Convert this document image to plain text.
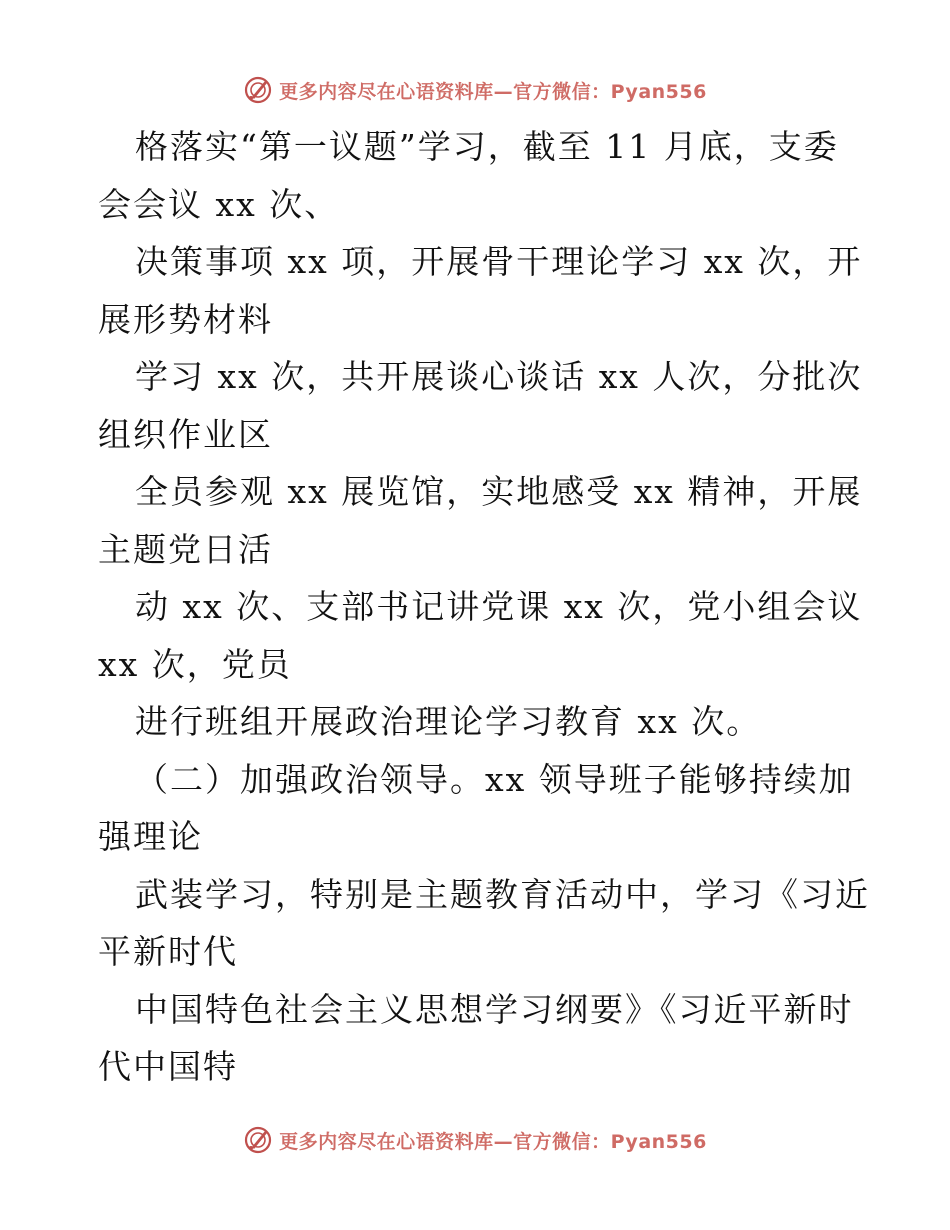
更多内容尽在心语资料库—官方微信：Pyan556
格落实“第一议题”学习，截至 11 月底，支委
会会议 xx 次、
决策事项 xx 项，开展骨干理论学习 xx 次，开
展形势材料
学习 xx 次，共开展谈心谈话 xx 人次，分批次
组织作业区
全员参观 xx 展览馆，实地感受 xx 精神，开展
主题党日活
动 xx 次、支部书记讲党课 xx 次，党小组会议
xx 次，党员
进行班组开展政治理论学习教育 xx 次。
（二）加强政治领导。xx 领导班子能够持续加
强理论
武装学习，特别是主题教育活动中，学习《习近
平新时代
中国特色社会主义思想学习纲要》《习近平新时
代中国特
更多内容尽在心语资料库—官方微信：Pyan556
